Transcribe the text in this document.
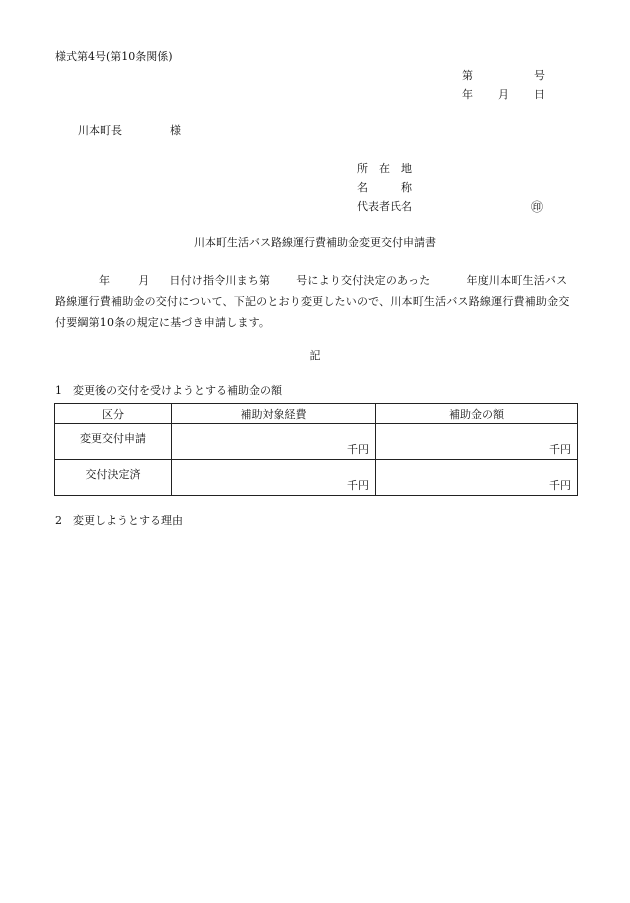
様式第4号(第10条関係)
第	号
年 月 日
川本町長	様
所　在　地
名　　　称
代表者氏名	㊞
川本町生活バス路線運行費補助金変更交付申請書
年	月 日付け指令川まち第 号により交付決定のあった	年度川本町生活バス路線運行費補助金の交付について、下記のとおり変更したいので、川本町生活バス路線運行費補助金交付要綱第10条の規定に基づき申請します。
記
1　変更後の交付を受けようとする補助金の額
区分	補助対象経費	補助金の額
変更交付申請	千円	千円

交付決定済	千円	千円
2　変更しようとする理由
